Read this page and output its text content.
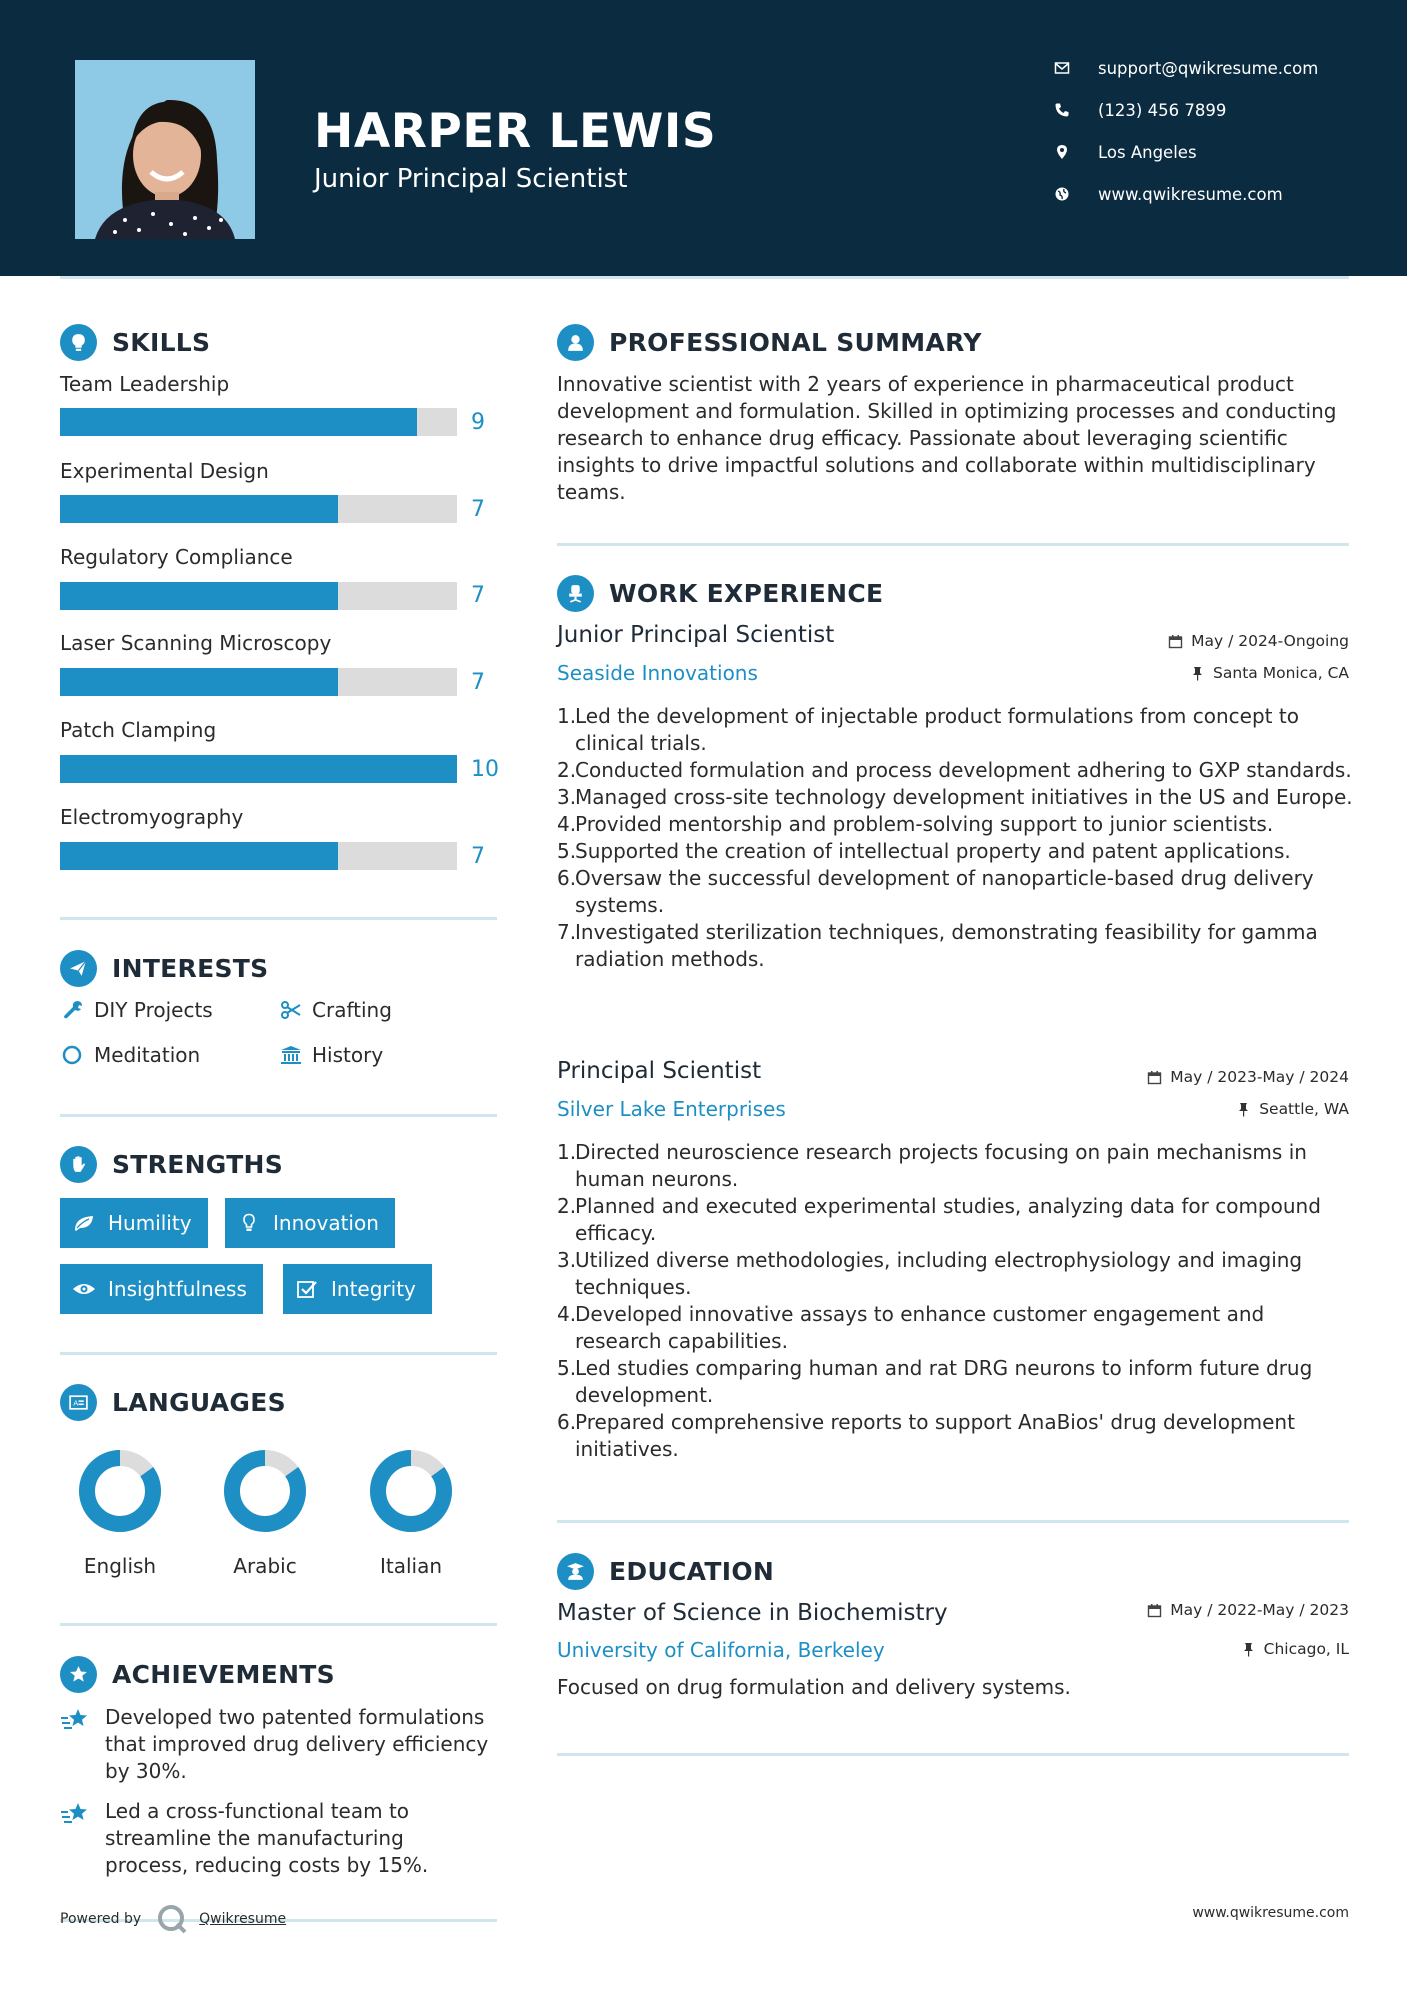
HARPER LEWIS
Junior Principal Scientist
support@qwikresume.com
(123) 456 7899
Los Angeles
www.qwikresume.com
SKILLS
Team Leadership
9
Experimental Design
7
Regulatory Compliance
7
Laser Scanning Microscopy
7
Patch Clamping
10
Electromyography
7
INTERESTS
DIY Projects	Crafting
Meditation	History
STRENGTHS
Humility	Innovation
Insightfulness	Integrity
A LANGUAGES
English	Arabic	Italian
ACHIEVEMENTS
Developed two patented formulations that improved drug delivery efficiency by 30%.
Led a cross-functional team to streamline the manufacturing process, reducing costs by 15%.
Powered by	Qwikresume	www.qwikresume.com
PROFESSIONAL SUMMARY
Innovative scientist with 2 years of experience in pharmaceutical product development and formulation. Skilled in optimizing processes and conducting research to enhance drug efficacy. Passionate about leveraging scientific insights to drive impactful solutions and collaborate within multidisciplinary teams.
WORK EXPERIENCE
Junior Principal Scientist	May / 2024-Ongoing
Seaside Innovations	Santa Monica, CA
1.
Led the development of injectable product formulations from concept to clinical trials.
2.
Conducted formulation and process development adhering to GXP standards.
3.
Managed cross-site technology development initiatives in the US and Europe.
4.
Provided mentorship and problem-solving support to junior scientists.
5.
Supported the creation of intellectual property and patent applications.
6.
Oversaw the successful development of nanoparticle-based drug delivery systems.
7.
Investigated sterilization techniques, demonstrating feasibility for gamma radiation methods.
Principal Scientist	May / 2023-May / 2024
Silver Lake Enterprises	Seattle, WA
1.
Directed neuroscience research projects focusing on pain mechanisms in human neurons.
2.
Planned and executed experimental studies, analyzing data for compound efficacy.
3.
Utilized diverse methodologies, including electrophysiology and imaging techniques.
4.
Developed innovative assays to enhance customer engagement and research capabilities.
5.
Led studies comparing human and rat DRG neurons to inform future drug development.
6.
Prepared comprehensive reports to support AnaBios' drug development initiatives.
EDUCATION
Master of Science in Biochemistry	May / 2022-May / 2023
University of California, Berkeley	Chicago, IL
Focused on drug formulation and delivery systems.
